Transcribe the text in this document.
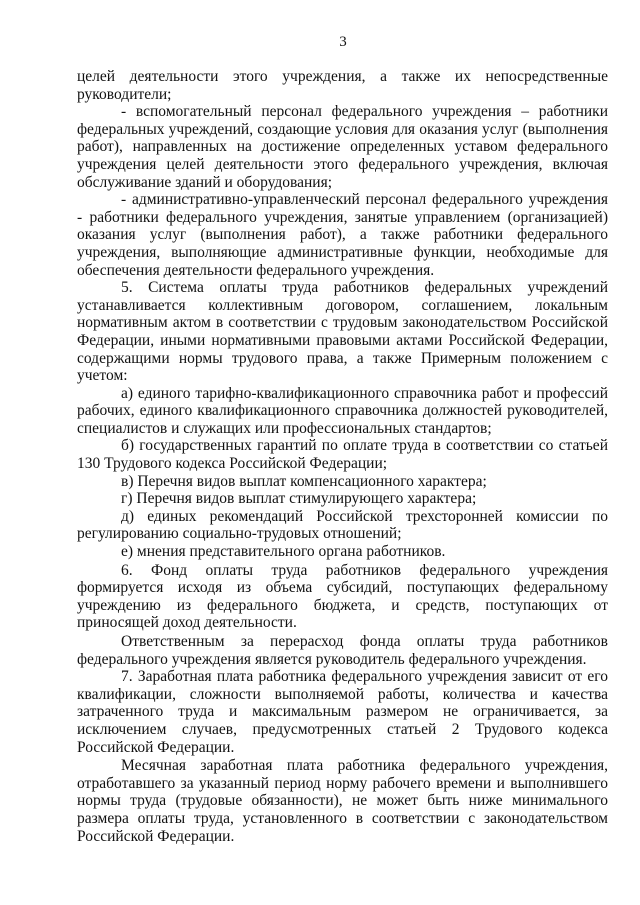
3

целей деятельности этого учреждения, а также их непосредственные руководители;

- вспомогательный персонал федерального учреждения – работники федеральных учреждений, создающие условия для оказания услуг (выполнения работ), направленных на достижение определенных уставом федерального учреждения целей деятельности этого федерального учреждения, включая обслуживание зданий и оборудования;

- административно-управленческий персонал федерального учреждения - работники федерального учреждения, занятые управлением (организацией) оказания услуг (выполнения работ), а также работники федерального учреждения, выполняющие административные функции, необходимые для обеспечения деятельности федерального учреждения.

5. Система оплаты труда работников федеральных учреждений устанавливается коллективным договором, соглашением, локальным нормативным актом в соответствии с трудовым законодательством Российской Федерации, иными нормативными правовыми актами Российской Федерации, содержащими нормы трудового права, а также Примерным положением с учетом:

а) единого тарифно-квалификационного справочника работ и профессий рабочих, единого квалификационного справочника должностей руководителей, специалистов и служащих или профессиональных стандартов;

б) государственных гарантий по оплате труда в соответствии со статьей 130 Трудового кодекса Российской Федерации;

в) Перечня видов выплат компенсационного характера;

г) Перечня видов выплат стимулирующего характера;

д) единых рекомендаций Российской трехсторонней комиссии по регулированию социально-трудовых отношений;

е) мнения представительного органа работников.

6. Фонд оплаты труда работников федерального учреждения формируется исходя из объема субсидий, поступающих федеральному учреждению из федерального бюджета, и средств, поступающих от приносящей доход деятельности.

Ответственным за перерасход фонда оплаты труда работников федерального учреждения является руководитель федерального учреждения.

7. Заработная плата работника федерального учреждения зависит от его квалификации, сложности выполняемой работы, количества и качества затраченного труда и максимальным размером не ограничивается, за исключением случаев, предусмотренных статьей 2 Трудового кодекса Российской Федерации.

Месячная заработная плата работника федерального учреждения, отработавшего за указанный период норму рабочего времени и выполнившего нормы труда (трудовые обязанности), не может быть ниже минимального размера оплаты труда, установленного в соответствии с законодательством Российской Федерации.
